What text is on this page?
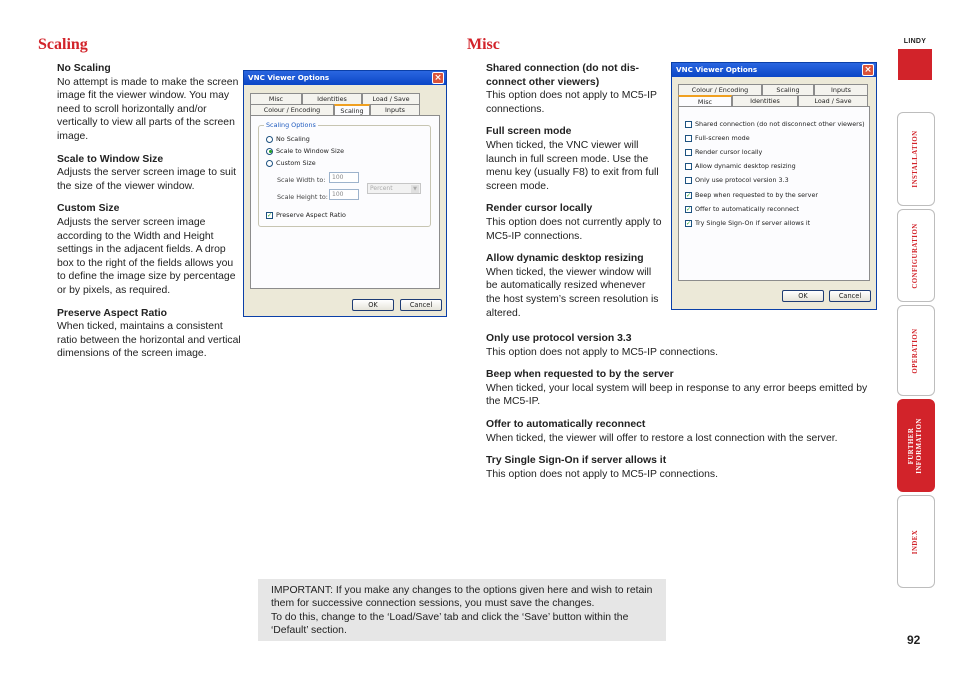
Scaling
No Scaling
No attempt is made to make the screen image fit the viewer window. You may need to scroll horizontally and/or vertically to view all parts of the screen image.
Scale to Window Size
Adjusts the server screen image to suit the size of the viewer window.
Custom Size
Adjusts the server screen image according to the Width and Height settings in the adjacent fields. A drop box to the right of the fields allows you to define the image size by percentage or by pixels, as required.
Preserve Aspect Ratio
When ticked, maintains a consistent ratio between the horizontal and vertical dimensions of the screen image.
VNC Viewer Options	×
Misc	Identities	Load / Save
Colour / Encoding	Scaling	Inputs
Scaling Options
No Scaling
Scale to Window Size
Custom Size
Scale Width to:	100
Percent	▼
Scale Height to: 100
✓ Preserve Aspect Ratio
OK	Cancel
Misc
Shared connection (do not dis-connect other viewers)
This option does not apply to MC5-IP connections.
Full screen mode
When ticked, the VNC viewer will launch in full screen mode. Use the menu key (usually F8) to exit from full screen mode.
Render cursor locally
This option does not currently apply to MC5-IP connections.
Allow dynamic desktop resizing
When ticked, the viewer window will be automatically resized whenever the host system’s screen resolution is altered.
Only use protocol version 3.3
This option does not apply to MC5-IP connections.
Beep when requested to by the server
When ticked, your local system will beep in response to any error beeps emitted by the MC5-IP.
Offer to automatically reconnect
When ticked, the viewer will offer to restore a lost connection with the server.
Try Single Sign-On if server allows it
This option does not apply to MC5-IP connections.
VNC Viewer Options	×
Colour / Encoding	Scaling	Inputs
Misc	Identities	Load / Save
Shared connection (do not disconnect other viewers)
Full-screen mode
Render cursor locally
Allow dynamic desktop resizing
Only use protocol version 3.3
✓ Beep when requested to by the server
✓ Offer to automatically reconnect
✓ Try Single Sign-On if server allows it
OK	Cancel
LINDY
INSTALLATION
CONFIGURATION
OPERATION
FURTHER INFORMATION
INDEX
IMPORTANT: If you make any changes to the options given here and wish to retain them for successive connection sessions, you must save the changes.
To do this, change to the ‘Load/Save’ tab and click the ‘Save’ button within the ‘Default’ section.
92
